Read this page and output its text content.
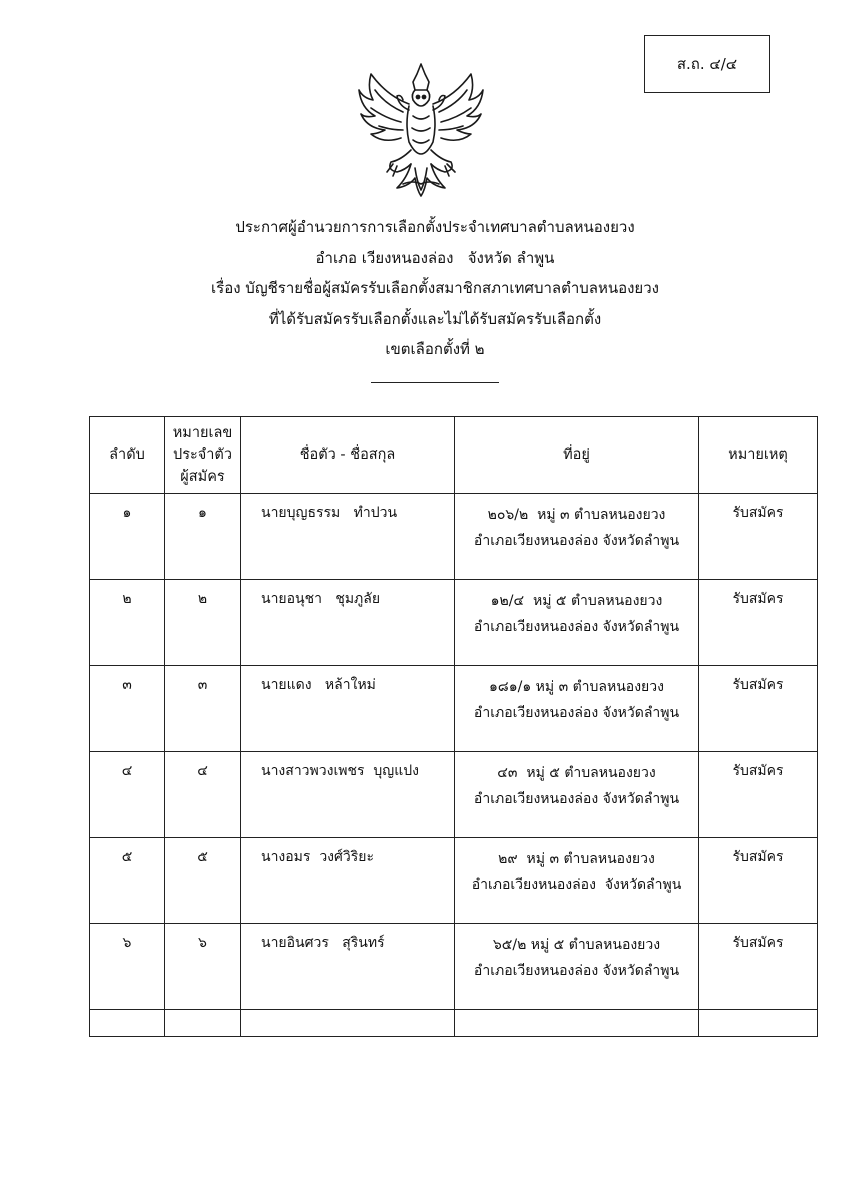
ส.ถ. ๔/๔
ประกาศผู้อำนวยการการเลือกตั้งประจำเทศบาลตำบลหนองยวง
อำเภอ เวียงหนองล่อง   จังหวัด ลำพูน
เรื่อง บัญชีรายชื่อผู้สมัครรับเลือกตั้งสมาชิกสภาเทศบาลตำบลหนองยวง
ที่ได้รับสมัครรับเลือกตั้งและไม่ได้รับสมัครรับเลือกตั้ง
เขตเลือกตั้งที่ ๒
ลำดับ	หมายเลข
ประจำตัว
ผู้สมัคร	ชื่อตัว - ชื่อสกุล	ที่อยู่	หมายเหตุ
๑	๑	นายบุญธรรม   ทำปวน	๒๐๖/๒  หมู่ ๓ ตำบลหนองยวง
อำเภอเวียงหนองล่อง จังหวัดลำพูน	รับสมัคร
๒	๒	นายอนุชา   ชุมภูลัย	๑๒/๔  หมู่ ๕ ตำบลหนองยวง
อำเภอเวียงหนองล่อง จังหวัดลำพูน	รับสมัคร
๓	๓	นายแดง   หล้าใหม่	๑๘๑/๑ หมู่ ๓ ตำบลหนองยวง
อำเภอเวียงหนองล่อง จังหวัดลำพูน	รับสมัคร
๔	๔	นางสาวพวงเพชร  บุญแปง	๔๓  หมู่ ๕ ตำบลหนองยวง
อำเภอเวียงหนองล่อง จังหวัดลำพูน	รับสมัคร
๕	๕	นางอมร  วงศ์วิริยะ	๒๙  หมู่ ๓ ตำบลหนองยวง
อำเภอเวียงหนองล่อง  จังหวัดลำพูน	รับสมัคร
๖	๖	นายอินศวร   สุรินทร์	๖๕/๒ หมู่ ๕ ตำบลหนองยวง
อำเภอเวียงหนองล่อง จังหวัดลำพูน	รับสมัคร
